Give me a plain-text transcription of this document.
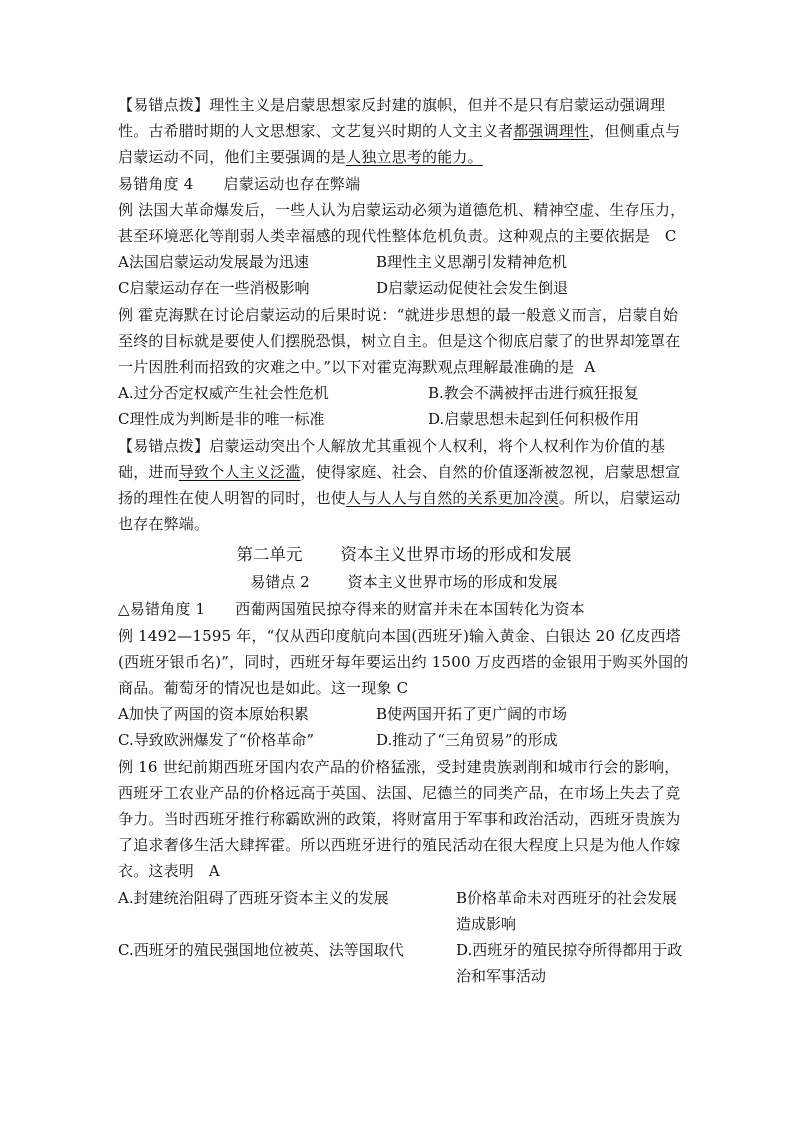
【易错点拨】理性主义是启蒙思想家反封建的旗帜，但并不是只有启蒙运动强调理性。古希腊时期的人文思想家、文艺复兴时期的人文主义者都强调理性，但侧重点与启蒙运动不同，他们主要强调的是人独立思考的能力。

易错角度 4 启蒙运动也存在弊端

例 法国大革命爆发后，一些人认为启蒙运动必须为道德危机、精神空虚、生存压力，甚至环境恶化等削弱人类幸福感的现代性整体危机负责。这种观点的主要依据是 C

A法国启蒙运动发展最为迅速	B理性主义思潮引发精神危机
C启蒙运动存在一些消极影响	D启蒙运动促使社会发生倒退

例 霍克海默在讨论启蒙运动的后果时说：“就进步思想的最一般意义而言，启蒙自始至终的目标就是要使人们摆脱恐惧，树立自主。但是这个彻底启蒙了的世界却笼罩在一片因胜利而招致的灾难之中。”以下对霍克海默观点理解最准确的是 A

A.过分否定权威产生社会性危机	B.教会不满被抨击进行疯狂报复
C理性成为判断是非的唯一标准	D.启蒙思想未起到任何积极作用

【易错点拨】启蒙运动突出个人解放尤其重视个人权利，将个人权利作为价值的基础，进而导致个人主义泛滥，使得家庭、社会、自然的价值逐渐被忽视，启蒙思想宣扬的理性在使人明智的同时，也使人与人人与自然的关系更加冷漠。所以，启蒙运动也存在弊端。

第二单元 资本主义世界市场的形成和发展
易错点 2	资本主义世界市场的形成和发展

△易错角度 1 西葡两国殖民掠夺得来的财富并未在本国转化为资本

例 1492—1595 年，“仅从西印度航向本国(西班牙)输入黄金、白银达 20 亿皮西塔(西班牙银币名)”，同时，西班牙每年要运出约 1500 万皮西塔的金银用于购买外国的商品。葡萄牙的情况也是如此。这一现象 C

A加快了两国的资本原始积累	B使两国开拓了更广阔的市场
C.导致欧洲爆发了“价格革命”	D.推动了“三角贸易”的形成

例 16 世纪前期西班牙国内农产品的价格猛涨，受封建贵族剥削和城市行会的影响，西班牙工农业产品的价格远高于英国、法国、尼德兰的同类产品，在市场上失去了竞争力。当时西班牙推行称霸欧洲的政策，将财富用于军事和政治活动，西班牙贵族为了追求奢侈生活大肆挥霍。所以西班牙进行的殖民活动在很大程度上只是为他人作嫁衣。这表明 A

A.封建统治阻碍了西班牙资本主义的发展	B价格革命未对西班牙的社会发展造成影响
C.西班牙的殖民强国地位被英、法等国取代	D.西班牙的殖民掠夺所得都用于政治和军事活动
